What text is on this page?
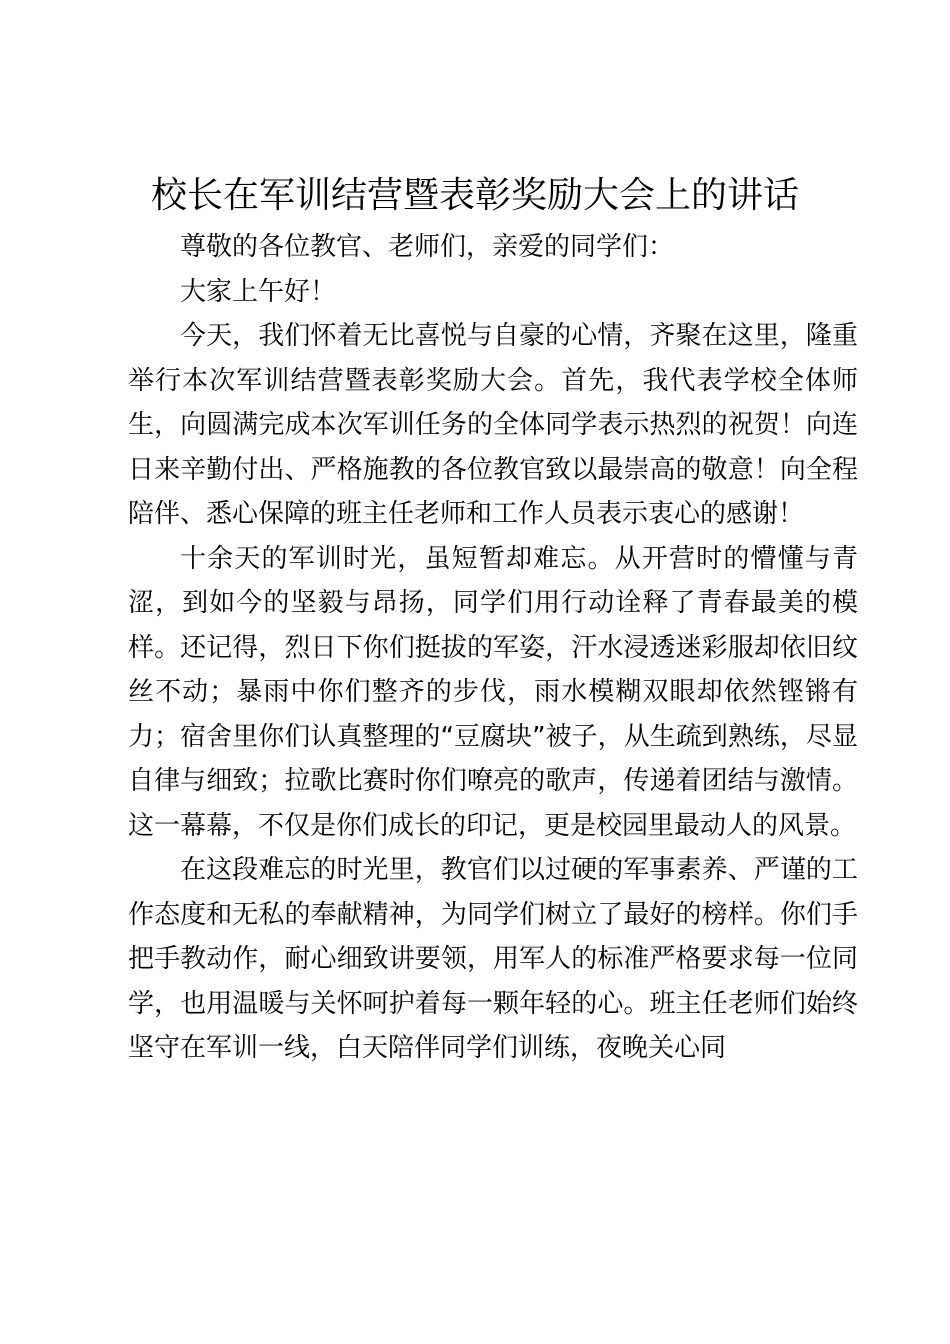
校长在军训结营暨表彰奖励大会上的讲话

尊敬的各位教官、老师们，亲爱的同学们：

大家上午好！

今天，我们怀着无比喜悦与自豪的心情，齐聚在这里，隆重举行本次军训结营暨表彰奖励大会。首先，我代表学校全体师生，向圆满完成本次军训任务的全体同学表示热烈的祝贺！向连日来辛勤付出、严格施教的各位教官致以最崇高的敬意！向全程陪伴、悉心保障的班主任老师和工作人员表示衷心的感谢！

十余天的军训时光，虽短暂却难忘。从开营时的懵懂与青涩，到如今的坚毅与昂扬，同学们用行动诠释了青春最美的模样。还记得，烈日下你们挺拔的军姿，汗水浸透迷彩服却依旧纹丝不动；暴雨中你们整齐的步伐，雨水模糊双眼却依然铿锵有力；宿舍里你们认真整理的“豆腐块”被子，从生疏到熟练，尽显自律与细致；拉歌比赛时你们嘹亮的歌声，传递着团结与激情。这一幕幕，不仅是你们成长的印记，更是校园里最动人的风景。

在这段难忘的时光里，教官们以过硬的军事素养、严谨的工作态度和无私的奉献精神，为同学们树立了最好的榜样。你们手把手教动作，耐心细致讲要领，用军人的标准严格要求每一位同学，也用温暖与关怀呵护着每一颗年轻的心。班主任老师们始终坚守在军训一线，白天陪伴同学们训练，夜晚关心同
